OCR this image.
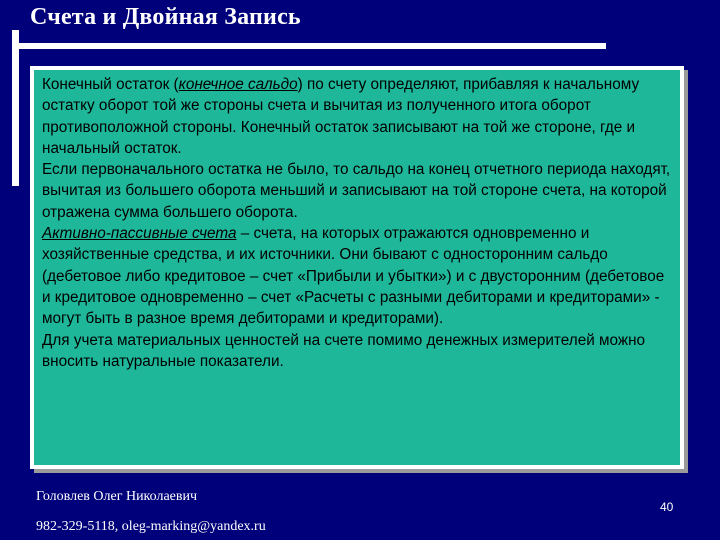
Счета и Двойная Запись

Конечный остаток (конечное сальдо) по счету определяют, прибавляя к начальному остатку оборот той же стороны счета и вычитая из полученного итога оборот противоположной стороны. Конечный остаток записывают на той же стороне, где и начальный остаток.

Если первоначального остатка не было, то сальдо на конец отчетного периода находят, вычитая из большего оборота меньший и записывают на той стороне счета, на которой отражена сумма большего оборота.

Активно-пассивные счета – счета, на которых отражаются одновременно и хозяйственные средства, и их источники. Они бывают с односторонним сальдо (дебетовое либо кредитовое – счет «Прибыли и убытки») и с двусторонним (дебетовое и кредитовое одновременно – счет «Расчеты с разными дебиторами и кредиторами» - могут быть в разное время дебиторами и кредиторами).

Для учета материальных ценностей на счете помимо денежных измерителей можно вносить натуральные показатели.

Головлев Олег Николаевич
982-329-5118, oleg-marking@yandex.ru
40
